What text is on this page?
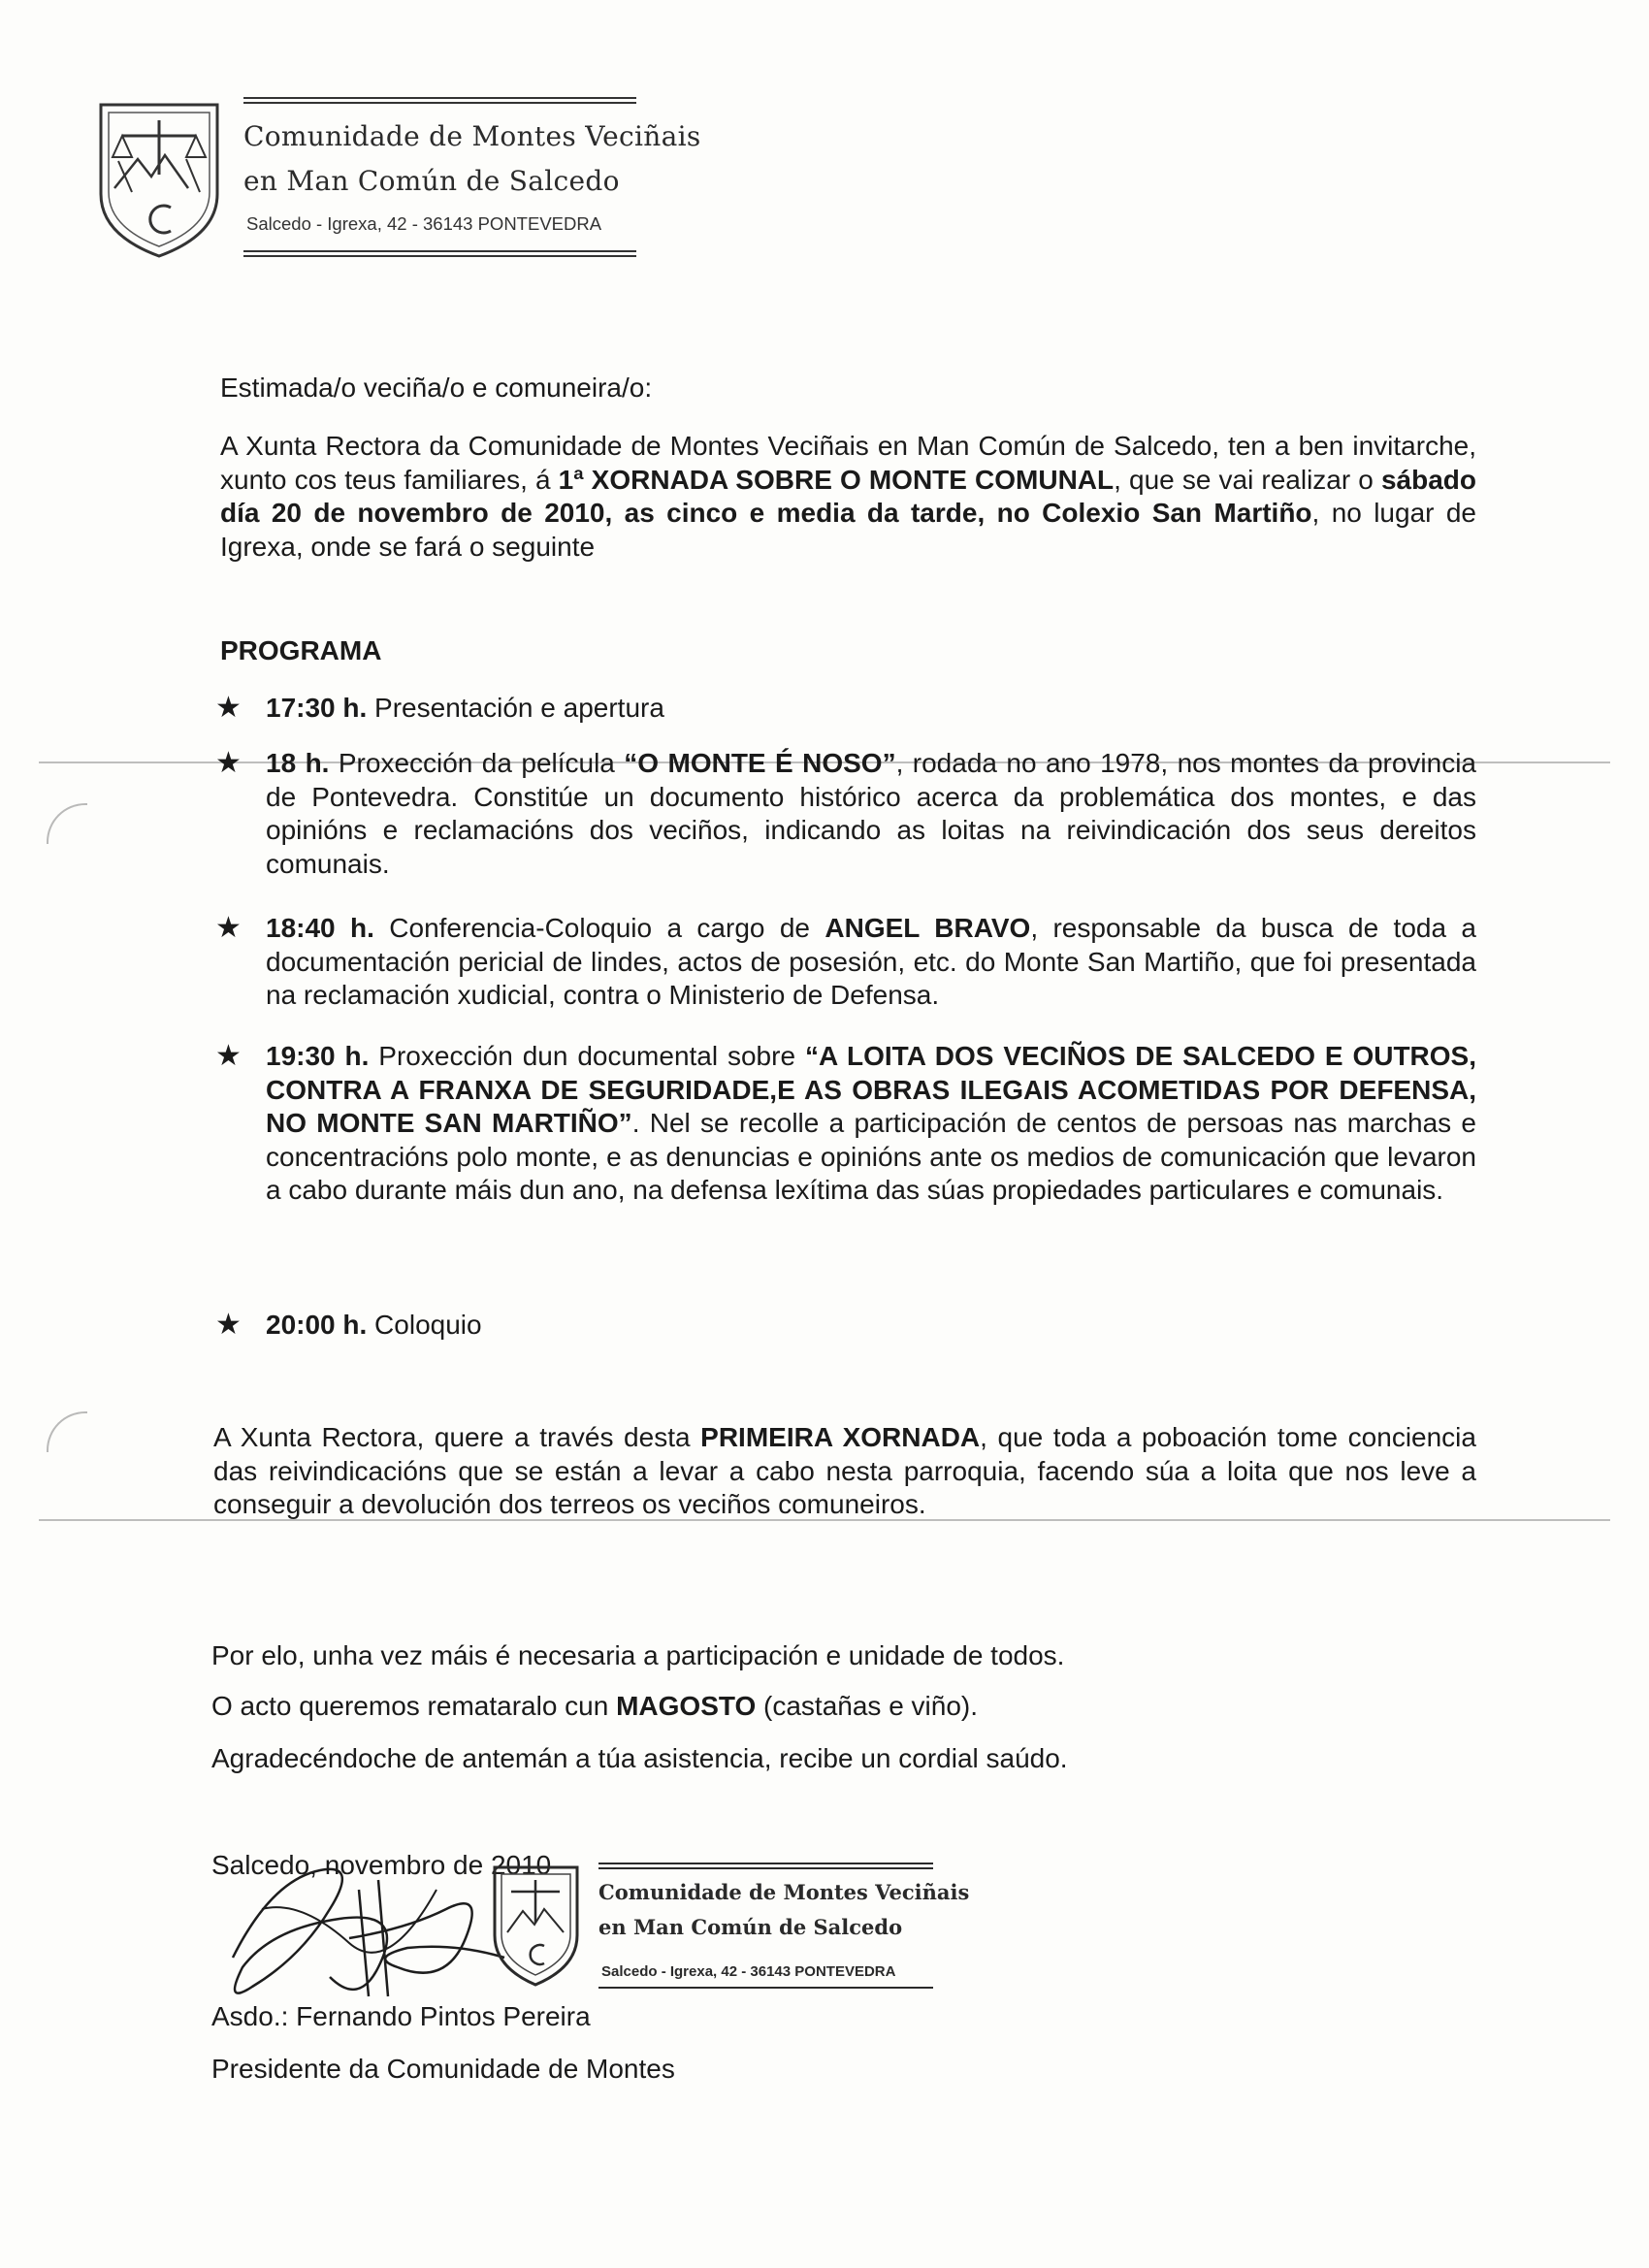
Comunidade de Montes Veciñais
en Man Común de Salcedo
Salcedo - Igrexa, 42 - 36143 PONTEVEDRA
Estimada/o veciña/o e comuneira/o:
A Xunta Rectora da Comunidade de Montes Veciñais en Man Común de Salcedo, ten a ben invitarche, xunto cos teus familiares, á 1ª XORNADA SOBRE O MONTE COMUNAL, que se vai realizar o sábado día 20 de novembro de 2010, as cinco e media da tarde, no Colexio San Martiño, no lugar de Igrexa, onde se fará o seguinte
PROGRAMA
★ 17:30 h. Presentación e apertura
★ 18 h. Proxección da película “O MONTE É NOSO”, rodada no ano 1978, nos montes da provincia de Pontevedra. Constitúe un documento histórico acerca da problemática dos montes, e das opinións e reclamacións dos veciños, indicando as loitas na reivindicación dos seus dereitos comunais.
★ 18:40 h. Conferencia-Coloquio a cargo de ANGEL BRAVO, responsable da busca de toda a documentación pericial de lindes, actos de posesión, etc. do Monte San Martiño, que foi presentada na reclamación xudicial, contra o Ministerio de Defensa.
★ 19:30 h. Proxección dun documental sobre “A LOITA DOS VECIÑOS DE SALCEDO E OUTROS, CONTRA A FRANXA DE SEGURIDADE,E AS OBRAS ILEGAIS ACOMETIDAS POR DEFENSA, NO MONTE SAN MARTIÑO”. Nel se recolle a participación de centos de persoas nas marchas e concentracións polo monte, e as denuncias e opinións ante os medios de comunicación que levaron a cabo durante máis dun ano, na defensa lexítima das súas propiedades particulares e comunais.
★ 20:00 h. Coloquio
A Xunta Rectora, quere a través desta PRIMEIRA XORNADA, que toda a poboación tome conciencia das reivindicacións que se están a levar a cabo nesta parroquia, facendo súa a loita que nos leve a conseguir a devolución dos terreos os veciños comuneiros.
Por elo, unha vez máis é necesaria a participación e unidade de todos.
O acto queremos remataralo cun MAGOSTO (castañas e viño).
Agradecéndoche de antemán a túa asistencia, recibe un cordial saúdo.
Salcedo, novembro de 2010
Comunidade de Montes Veciñais
en Man Común de Salcedo
Salcedo - Igrexa, 42 - 36143 PONTEVEDRA
Asdo.: Fernando Pintos Pereira
Presidente da Comunidade de Montes
